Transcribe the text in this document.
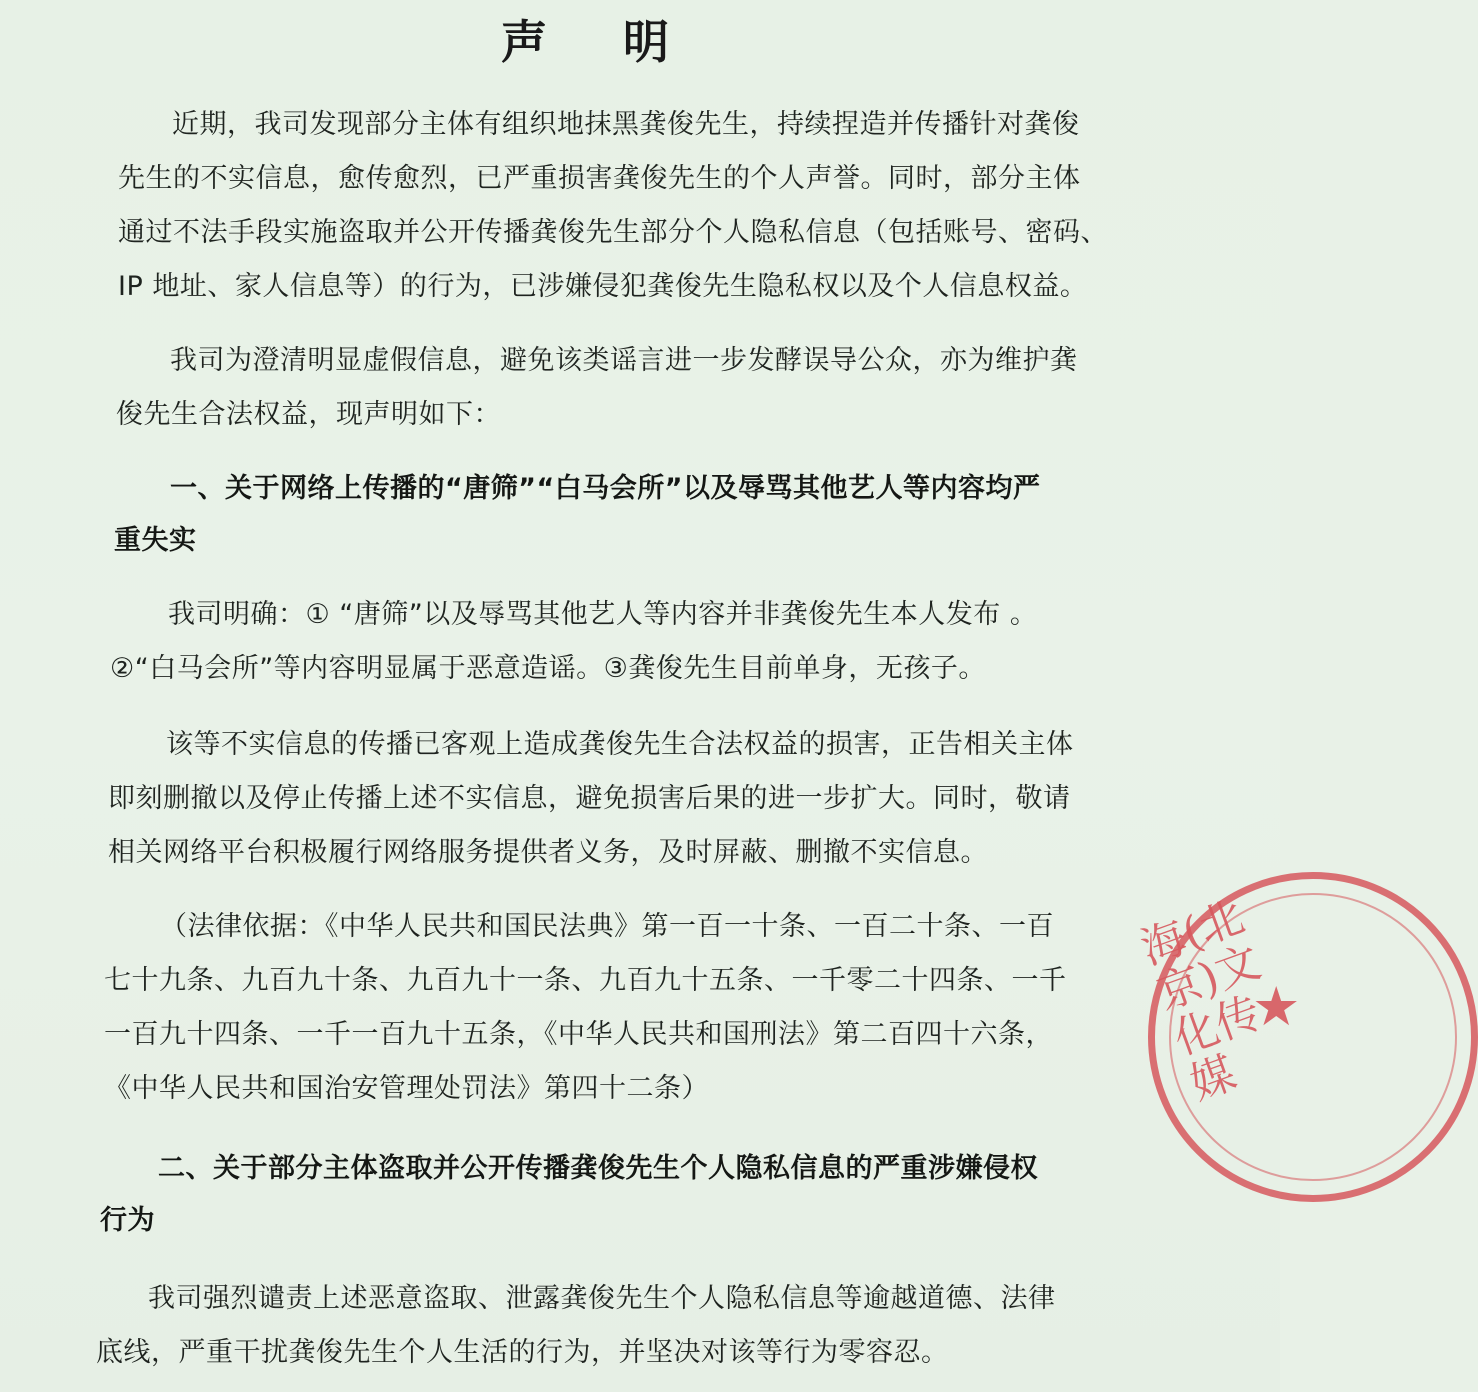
声 明
近期，我司发现部分主体有组织地抹黑龚俊先生，持续捏造并传播针对龚俊
先生的不实信息，愈传愈烈，已严重损害龚俊先生的个人声誉。同时，部分主体
通过不法手段实施盗取并公开传播龚俊先生部分个人隐私信息（包括账号、密码、
IP 地址、家人信息等）的行为，已涉嫌侵犯龚俊先生隐私权以及个人信息权益。
我司为澄清明显虚假信息，避免该类谣言进一步发酵误导公众，亦为维护龚
俊先生合法权益，现声明如下：
一、关于网络上传播的“唐筛”“白马会所”以及辱骂其他艺人等内容均严
重失实
我司明确：① “唐筛”以及辱骂其他艺人等内容并非龚俊先生本人发布 。
②“白马会所”等内容明显属于恶意造谣。③龚俊先生目前单身，无孩子。
该等不实信息的传播已客观上造成龚俊先生合法权益的损害，正告相关主体
即刻删撤以及停止传播上述不实信息，避免损害后果的进一步扩大。同时，敬请
相关网络平台积极履行网络服务提供者义务，及时屏蔽、删撤不实信息。
（法律依据：《中华人民共和国民法典》第一百一十条、一百二十条、一百
七十九条、九百九十条、九百九十一条、九百九十五条、一千零二十四条、一千
一百九十四条、一千一百九十五条，《中华人民共和国刑法》第二百四十六条，
《中华人民共和国治安管理处罚法》第四十二条）
二、关于部分主体盗取并公开传播龚俊先生个人隐私信息的严重涉嫌侵权
行为
我司强烈谴责上述恶意盗取、泄露龚俊先生个人隐私信息等逾越道德、法律
底线，严重干扰龚俊先生个人生活的行为，并坚决对该等行为零容忍。
海(北京)文化传媒
★
